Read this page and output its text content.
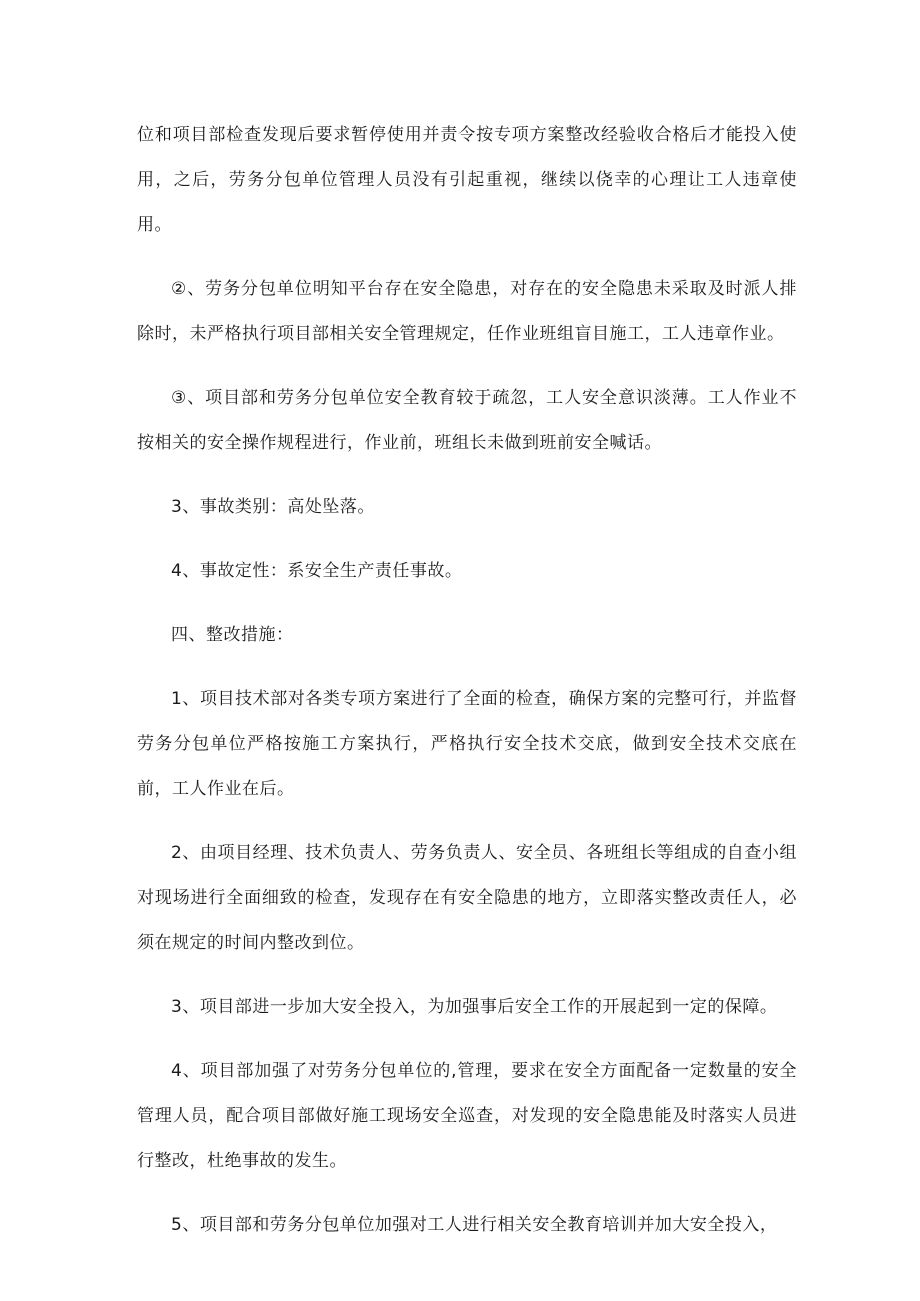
位和项目部检查发现后要求暂停使用并责令按专项方案整改经验收合格后才能投入使用，之后，劳务分包单位管理人员没有引起重视，继续以侥幸的心理让工人违章使用。

②、劳务分包单位明知平台存在安全隐患，对存在的安全隐患未采取及时派人排除时，未严格执行项目部相关安全管理规定，任作业班组盲目施工，工人违章作业。

③、项目部和劳务分包单位安全教育较于疏忽，工人安全意识淡薄。工人作业不按相关的安全操作规程进行，作业前，班组长未做到班前安全喊话。

3、事故类别：高处坠落。

4、事故定性：系安全生产责任事故。

四、整改措施：

1、项目技术部对各类专项方案进行了全面的检查，确保方案的完整可行，并监督劳务分包单位严格按施工方案执行，严格执行安全技术交底，做到安全技术交底在前，工人作业在后。

2、由项目经理、技术负责人、劳务负责人、安全员、各班组长等组成的自查小组对现场进行全面细致的检查，发现存在有安全隐患的地方，立即落实整改责任人，必须在规定的时间内整改到位。

3、项目部进一步加大安全投入，为加强事后安全工作的开展起到一定的保障。

4、项目部加强了对劳务分包单位的,管理，要求在安全方面配备一定数量的安全管理人员，配合项目部做好施工现场安全巡查，对发现的安全隐患能及时落实人员进行整改，杜绝事故的发生。

5、项目部和劳务分包单位加强对工人进行相关安全教育培训并加大安全投入，
